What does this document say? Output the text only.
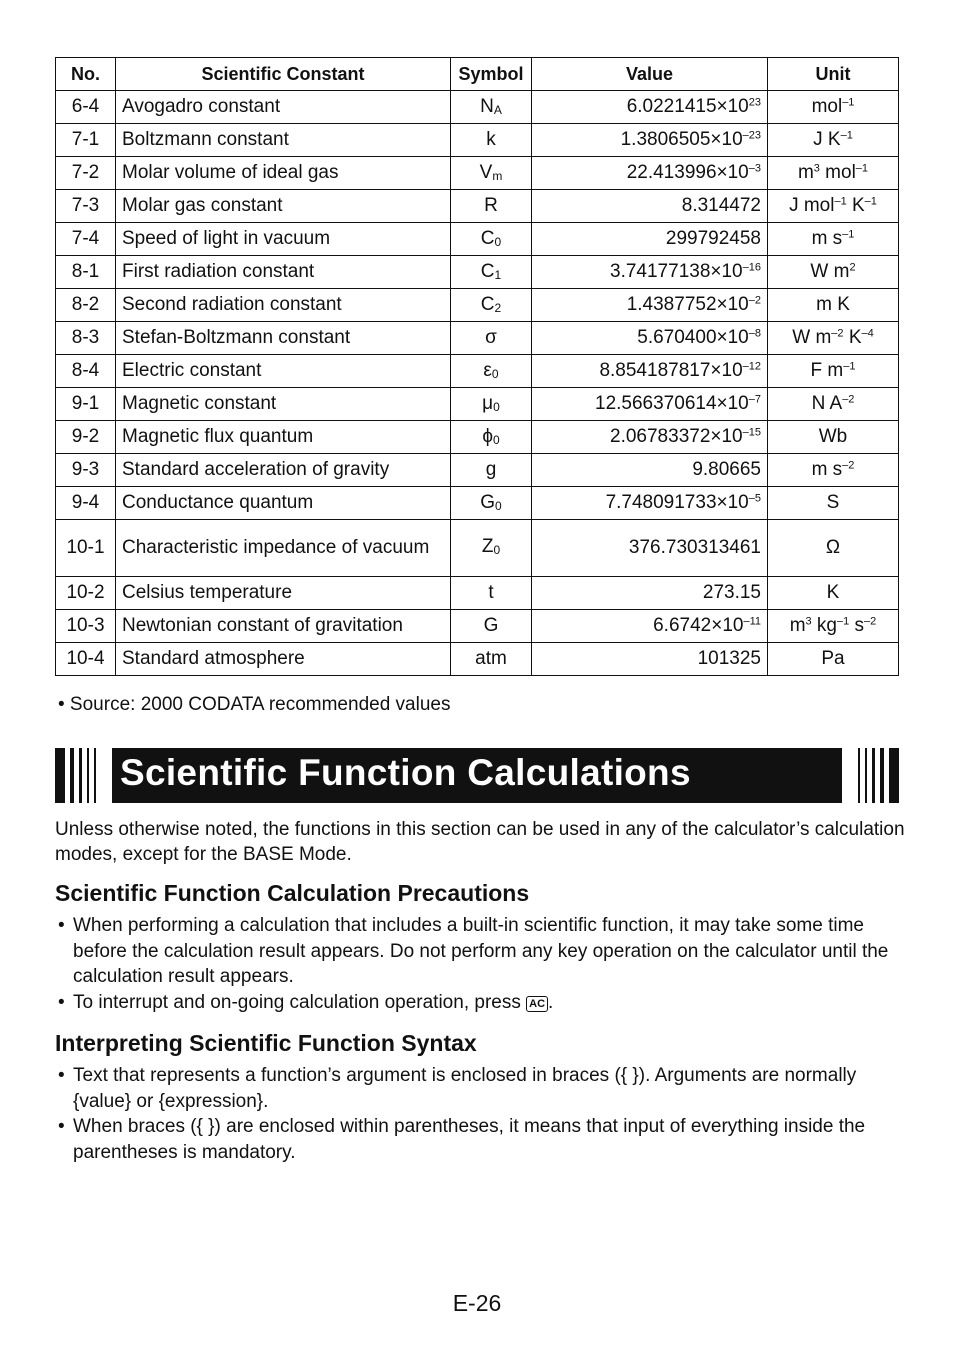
No.	Scientific Constant	Symbol	Value	Unit
6-4	Avogadro constant	NA	$6.0221415\times 10^{23}$	mol$^{-1}$
7-1	Boltzmann constant	k	$1.3806505\times 10^{-23}$	J $K^{-1}$
7-2	Molar volume of ideal gas	Vm	$22.413996\times 10^{-3}$	$m^3$ mol$^{-1}$
7-3	Molar gas constant	R	8.314472	J mol$^{-1}$ $K^{-1}$
7-4	Speed of light in vacuum	C0	299792458	m $s^{-1}$
8-1	First radiation constant	C1	$3.74177138\times 10^{-16}$	W $m^2$
8-2	Second radiation constant	C2	$1.4387752\times 10^{-2}$	m K
8-3	Stefan-Boltzmann constant	σ	$5.670400\times 10^{-8}$	W $m^{-2}$ $K^{-4}$
8-4	Electric constant	ε0	$8.854187817\times 10^{-12}$	F $m^{-1}$
9-1	Magnetic constant	μ0	$12.566370614\times 10^{-7}$	N $A^{-2}$
9-2	Magnetic flux quantum	ϕ0	$2.06783372\times 10^{-15}$	Wb
9-3	Standard acceleration of gravity	g	9.80665	m $s^{-2}$
9-4	Conductance quantum	G0	$7.748091733\times 10^{-5}$	S
10-1	Characteristic impedance of vacuum	Z0	376.730313461	Ω
10-2	Celsius temperature	t	273.15	K
10-3	Newtonian constant of gravitation	G	$6.6742\times 10^{-11}$	$m^3$ $kg^{-1}$ $s^{-2}$
10-4	Standard atmosphere	atm	101325	Pa
• Source: 2000 CODATA recommended values
Scientific Function Calculations

Unless otherwise noted, the functions in this section can be used in any of the calculator’s calculation modes, except for the BASE Mode.

Scientific Function Calculation Precautions
• When performing a calculation that includes a built-in scientific function, it may take some time before the calculation result appears. Do not perform any key operation on the calculator until the calculation result appears.
• To interrupt and on-going calculation operation, press AC .
Interpreting Scientific Function Syntax
• Text that represents a function’s argument is enclosed in braces ({ }). Arguments are normally {value} or {expression}.
• When braces ({ }) are enclosed within parentheses, it means that input of everything inside the parentheses is mandatory.
E-26
